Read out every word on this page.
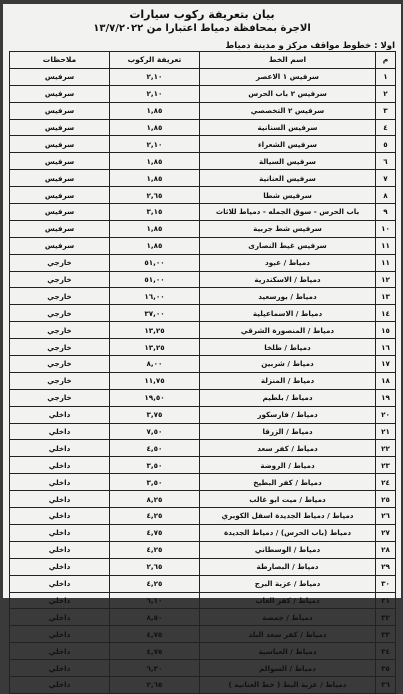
بيان بتعريفة ركوب سيارات
الاجرة بمحافظة دمياط اعتبارا من ١٣/٧/٢٠٢٢
اولا : خطوط مواقف مركز و مدينة دمياط
م	اسم الخط	تعريفة الركوب	ملاحظات
١	سرفيس ١ الاعصر	٢,١٠	سرفيس
٢	سرفيس ٢ باب الحرس	٢,١٠	سرفيس
٣	سرفيس ٢ التخصصي	١,٨٥	سرفيس
٤	سرفيس السنانية	١,٨٥	سرفيس
٥	سرفيس الشعراء	٢,١٠	سرفيس
٦	سرفيس السيالة	١,٨٥	سرفيس
٧	سرفيس العنانية	١,٨٥	سرفيس
٨	سرفيس شطا	٢,٦٥	سرفيس
٩	باب الحرس - سوق الجمله - دمياط للاثاث	٣,١٥	سرفيس
١٠	سرفيس شط جربية	١,٨٥	سرفيس
١١	سرفيس غيط النصارى	١,٨٥	سرفيس
١١	دمياط / عبود	٥١,٠٠	خارجي
١٢	دمياط / الاسكندرية	٥١,٠٠	خارجي
١٣	دمياط / بورسعيد	١٦,٠٠	خارجي
١٤	دمياط / الاسماعيلية	٣٧,٠٠	خارجي
١٥	دمياط / المنصورة الشرقي	١٣,٢٥	خارجي
١٦	دمياط / طلخا	١٣,٢٥	خارجي
١٧	دمياط / شربين	٨,٠٠	خارجي
١٨	دمياط / المنزلة	١١,٧٥	خارجي
١٩	دمياط / بلطيم	١٩,٥٠	خارجي
٢٠	دمياط / فارسكور	٣,٧٥	داخلي
٢١	دمياط / الزرقا	٧,٥٠	داخلي
٢٢	دمياط / كفر سعد	٤,٥٠	داخلي
٢٣	دمياط / الروضة	٣,٥٠	داخلي
٢٤	دمياط / كفر البطيخ	٣,٥٠	داخلي
٢٥	دمياط / ميت ابو غالب	٨,٢٥	داخلي
٢٦	دمياط / دمياط الجديدة اسفل الكوبري	٤,٢٥	داخلي
٢٧	دمياط (باب الحرس) / دمياط الجديدة	٤,٧٥	داخلي
٢٨	دمياط / الوسطاني	٤,٢٥	داخلي
٢٩	دمياط / البصارطة	٢,٦٥	داخلي
٣٠	دمياط / عزبة البرج	٤,٢٥	داخلي
٣١	دمياط / كفر الغاب	٦,١٠	داخلي
٣٢	دمياط / جمصة	٨,٥٠	داخلي
٣٣	دمياط / كفر سعد البلد	٤,٧٥	داخلي
٣٤	دمياط / العباسية	٤,٧٥	داخلي
٣٥	دمياط / السوالم	٦,٣٠	داخلي
٣٦	دمياط / عزبة البط ( خط العنانية )	٢,٦٥	داخلي
